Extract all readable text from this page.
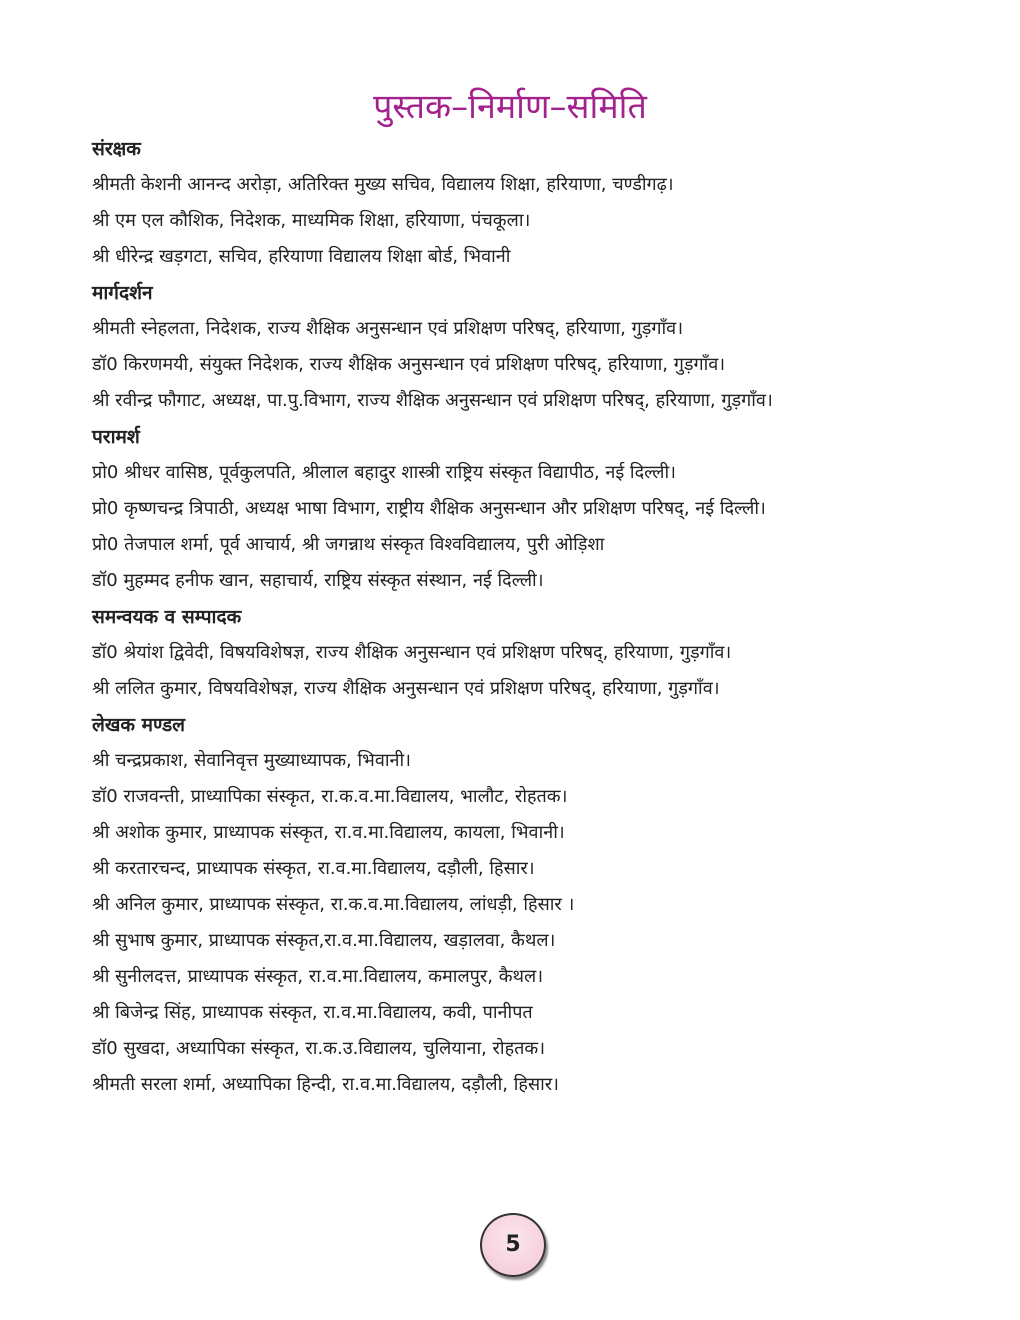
पुस्तक–निर्माण–समिति
संरक्षक
श्रीमती केशनी आनन्द अरोड़ा, अतिरिक्त मुख्य सचिव, विद्यालय शिक्षा, हरियाणा, चण्डीगढ़।
श्री एम एल कौशिक, निदेशक, माध्यमिक शिक्षा, हरियाणा, पंचकूला।
श्री धीरेन्द्र खड़गटा, सचिव, हरियाणा विद्यालय शिक्षा बोर्ड, भिवानी
मार्गदर्शन
श्रीमती स्नेहलता, निदेशक, राज्य शैक्षिक अनुसन्धान एवं प्रशिक्षण परिषद्, हरियाणा, गुड़गाँव।
डॉ0 किरणमयी, संयुक्त निदेशक, राज्य शैक्षिक अनुसन्धान एवं प्रशिक्षण परिषद्, हरियाणा, गुड़गाँव।
श्री रवीन्द्र फौगाट, अध्यक्ष, पा.पु.विभाग, राज्य शैक्षिक अनुसन्धान एवं प्रशिक्षण परिषद्, हरियाणा, गुड़गाँव।
परामर्श
प्रो0 श्रीधर वासिष्ठ, पूर्वकुलपति, श्रीलाल बहादुर शास्त्री राष्ट्रिय संस्कृत विद्यापीठ, नई दिल्ली।
प्रो0 कृष्णचन्द्र त्रिपाठी, अध्यक्ष भाषा विभाग, राष्ट्रीय शैक्षिक अनुसन्धान और प्रशिक्षण परिषद्, नई दिल्ली।
प्रो0 तेजपाल शर्मा, पूर्व आचार्य, श्री जगन्नाथ संस्कृत विश्वविद्यालय, पुरी ओड़िशा
डॉ0 मुहम्मद हनीफ खान, सहाचार्य, राष्ट्रिय संस्कृत संस्थान, नई दिल्ली।
समन्वयक व सम्पादक
डॉ0 श्रेयांश द्विवेदी, विषयविशेषज्ञ, राज्य शैक्षिक अनुसन्धान एवं प्रशिक्षण परिषद्, हरियाणा, गुड़गाँव।
श्री ललित कुमार, विषयविशेषज्ञ, राज्य शैक्षिक अनुसन्धान एवं प्रशिक्षण परिषद्, हरियाणा, गुड़गाँव।
लेखक मण्डल
श्री चन्द्रप्रकाश, सेवानिवृत्त मुख्याध्यापक, भिवानी।
डॉ0 राजवन्ती, प्राध्यापिका संस्कृत, रा.क.व.मा.विद्यालय, भालौट, रोहतक।
श्री अशोक कुमार, प्राध्यापक संस्कृत, रा.व.मा.विद्यालय, कायला, भिवानी।
श्री करतारचन्द, प्राध्यापक संस्कृत, रा.व.मा.विद्यालय, दड़ौली, हिसार।
श्री अनिल कुमार, प्राध्यापक संस्कृत, रा.क.व.मा.विद्यालय, लांधड़ी, हिसार ।
श्री सुभाष कुमार, प्राध्यापक संस्कृत,रा.व.मा.विद्यालय, खड़ालवा, कैथल।
श्री सुनीलदत्त, प्राध्यापक संस्कृत, रा.व.मा.विद्यालय, कमालपुर, कैथल।
श्री बिजेन्द्र सिंह, प्राध्यापक संस्कृत, रा.व.मा.विद्यालय, कवी, पानीपत
डॉ0 सुखदा, अध्यापिका संस्कृत, रा.क.उ.विद्यालय, चुलियाना, रोहतक।
श्रीमती सरला शर्मा, अध्यापिका हिन्दी, रा.व.मा.विद्यालय, दड़ौली, हिसार।
5
